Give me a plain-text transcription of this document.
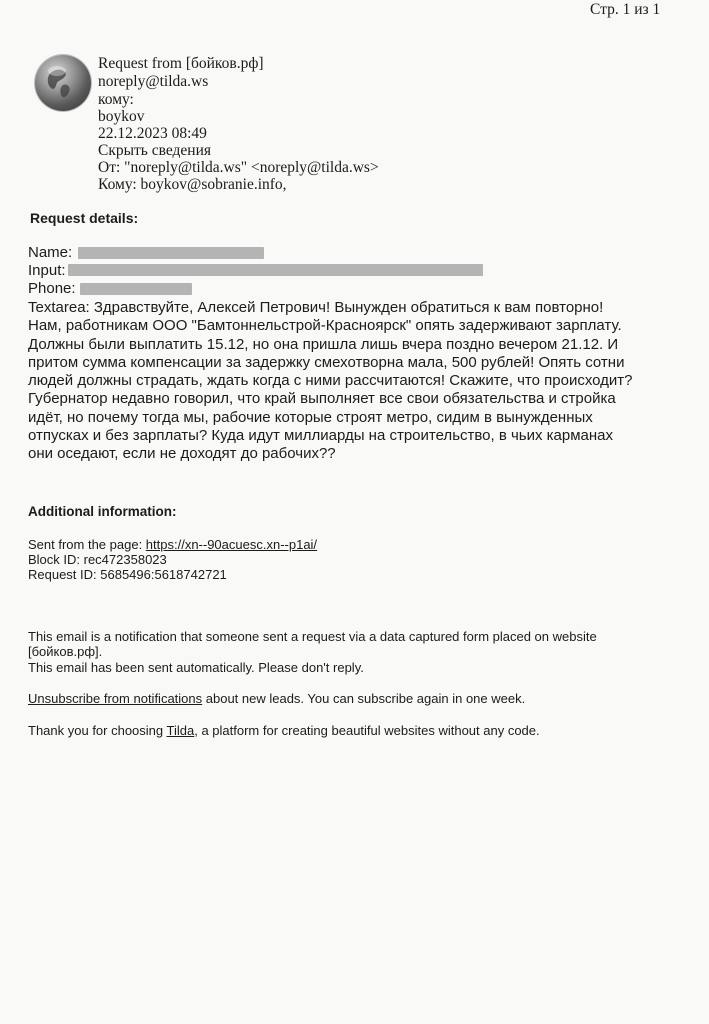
Стр. 1 из 1
Request from [бойков.рф]
noreply@tilda.ws
кому:
boykov
22.12.2023 08:49
Скрыть сведения
От: "noreply@tilda.ws" <noreply@tilda.ws>
Кому: boykov@sobranie.info,
Request details:
Name:
Input:
Phone:
Textarea: Здравствуйте, Алексей Петрович! Вынужден обратиться к вам повторно!
Нам, работникам ООО "Бамтоннельстрой-Красноярск" опять задерживают зарплату.
Должны были выплатить 15.12, но она пришла лишь вчера поздно вечером 21.12. И
притом сумма компенсации за задержку смехотворна мала, 500 рублей! Опять сотни
людей должны страдать, ждать когда с ними рассчитаются! Скажите, что происходит?
Губернатор недавно говорил, что край выполняет все свои обязательства и стройка
идёт, но почему тогда мы, рабочие которые строят метро, сидим в вынужденных
отпусках и без зарплаты? Куда идут миллиарды на строительство, в чьих карманах
они оседают, если не доходят до рабочих??
Additional information:
Sent from the page: https://xn--90acuesc.xn--p1ai/
Block ID: rec472358023
Request ID: 5685496:5618742721
This email is a notification that someone sent a request via a data captured form placed on website
[бойков.рф].
This email has been sent automatically. Please don't reply.
Unsubscribe from notifications about new leads. You can subscribe again in one week.
Thank you for choosing Tilda, a platform for creating beautiful websites without any code.
